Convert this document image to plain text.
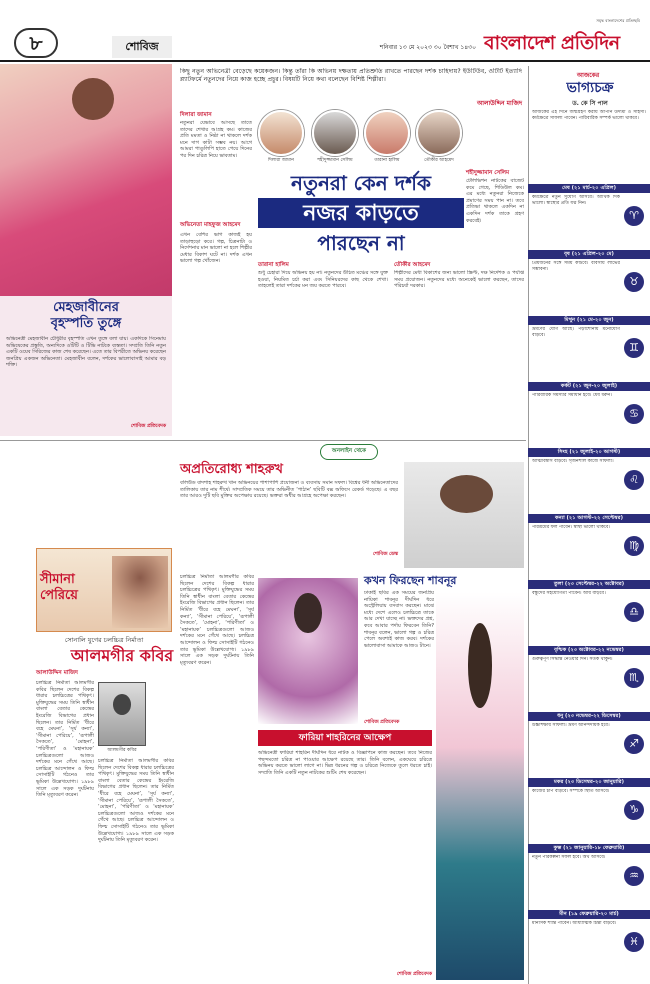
৮	শোবিজ	শনিবার ১৩ মে ২০২৩ ৩০ বৈশাখ ১৪৩০
সমৃদ্ধ বাংলাদেশের প্রতিচ্ছবি
বাংলাদেশ প্রতিদিন
কিছু নতুন অভিনেত্রী বেড়েছে কয়েকজন। কিন্তু তাঁরা কি অভিনয় দক্ষতায় প্রতিশ্রুতি রাখতে পারছেন দর্শক চাহিদায়? ইউটিউব, ওটিটি ইত্যাদি প্ল্যাটফর্মে নতুনদের নিয়ে কাজ হচ্ছে প্রচুর। বিষয়টি নিয়ে কথা বলেছেন বিশিষ্ট শিল্পীরা।
আলাউদ্দিন মাজিদ
দিলারা জামান	শহীদুজ্জামান সেলিম	তারানা হালিম	তৌকীর আহমেদ
দিলারা জামান
নতুনরা যেভাবে আসছে তাতে তাদের শেখার আগ্রহ কম। কাজের প্রতি মমতা ও নিষ্ঠা না থাকলে দর্শক মনে দাগ কাটা সম্ভব নয়। আগে আমরা পাণ্ডুলিপি হাতে পেয়ে দিনের পর দিন চরিত্র নিয়ে ভাবতাম।
অভিনেতা মাহফুজ আহমেদ
এখন বেশির ভাগ কাজই হয় তাড়াহুড়ো করে। গল্প, চিত্রনাট্য ও নির্দেশনার মান ভালো না হলে শিল্পীর মেধার বিকাশ ঘটে না। দর্শক এখন ভালো গল্প খোঁজেন।
নতুনরা কেন দর্শক
নজর কাড়তে
পারছেন না
শহীদুজ্জামান সেলিম
টেলিভিশন নাটকের বাজেট কমে গেছে, শিডিউল কম। এর মধ্যে নতুনরা নিজেকে প্রমাণের সময় পান না। তবে প্রতিভা থাকলে একদিন না একদিন দর্শক তাকে গ্রহণ করবেই।
তারানা হালিম
শুধু চেহারা দিয়ে অভিনয় হয় না। নতুনদের উচিত মঞ্চের সঙ্গে যুক্ত হওয়া, নিয়মিত চর্চা করা এবং সিনিয়রদের কাছ থেকে শেখা। তাহলেই তারা দর্শকের মন জয় করতে পারবে।
তৌকীর আহমেদ
শিল্পীদের মেধা বিকাশের জন্য ভালো স্ক্রিপ্ট, দক্ষ নির্দেশক ও পর্যাপ্ত সময় প্রয়োজন। নতুনদের মধ্যে অনেকেই ভালো করছেন, তাদের পরিচর্যা দরকার।
মেহজাবীনের
বৃহস্পতি তুঙ্গে
অভিনেত্রী মেহজাবীন চৌধুরীর বৃহস্পতি এখন তুঙ্গে বলা যায়। একদিকে সিনেমায় অভিষেকের প্রস্তুতি, অন্যদিকে ওটিটি ও টিভি নাটকে ব্যস্ততা। সম্প্রতি তিনি নতুন একটি ওয়েব সিরিজের কাজ শেষ করেছেন। এতে তার বিপরীতে অভিনয় করেছেন জনপ্রিয় একজন অভিনেতা। মেহজাবীন বলেন, দর্শকের ভালোবাসাই আমার বড় শক্তি।
শোবিজ প্রতিবেদক
অনলাইন থেকে
অপ্রতিরোধ্য শাহরুখ
বলিউড বাদশাহ শাহরুখ খান অভিনয়ের পাশাপাশি প্রযোজনা ও ব্যবসায় সমান সফল। বিশ্বের ধনী অভিনেতাদের তালিকায় তার নাম শীর্ষে। সাম্প্রতিক সময়ে তার অভিনীত ‘পাঠান’ ছবিটি বক্স অফিসে রেকর্ড গড়েছে। এ বছর তার আরও দুটি ছবি মুক্তির অপেক্ষায় রয়েছে। ভক্তরা অধীর আগ্রহে অপেক্ষা করছেন।
শোবিজ ডেস্ক
সীমানা পেরিয়ে
সোনালি যুগের চলচ্চিত্র নির্মাতা
আলমগীর কবির
আলাউদ্দিন মাজিদ
চলচ্চিত্র নির্মাতা আলমগীর কবির ছিলেন দেশের বিকল্প ধারার চলচ্চিত্রের পথিকৃৎ। মুক্তিযুদ্ধের সময় তিনি স্বাধীন বাংলা বেতার কেন্দ্রের ইংরেজি বিভাগের প্রধান ছিলেন। তার নির্মিত ‘ধীরে বহে মেঘনা’, ‘সূর্য কন্যা’, ‘সীমানা পেরিয়ে’, ‘রূপালী সৈকতে’, ‘মোহনা’, ‘পরিণীতা’ ও ‘মহানায়ক’ চলচ্চিত্রগুলো আজও দর্শকের মনে গেঁথে আছে। চলচ্চিত্র আন্দোলন ও ফিল্ম সোসাইটি গঠনেও তার ভূমিকা উল্লেখযোগ্য। ১৯৮৯ সালে এক সড়ক দুর্ঘটনায় তিনি মৃত্যুবরণ করেন।
আলমগীর কবির
চলচ্চিত্র নির্মাতা আলমগীর কবির ছিলেন দেশের বিকল্প ধারার চলচ্চিত্রের পথিকৃৎ। মুক্তিযুদ্ধের সময় তিনি স্বাধীন বাংলা বেতার কেন্দ্রের ইংরেজি বিভাগের প্রধান ছিলেন। তার নির্মিত ‘ধীরে বহে মেঘনা’, ‘সূর্য কন্যা’, ‘সীমানা পেরিয়ে’, ‘রূপালী সৈকতে’, ‘মোহনা’, ‘পরিণীতা’ ও ‘মহানায়ক’ চলচ্চিত্রগুলো আজও দর্শকের মনে গেঁথে আছে। চলচ্চিত্র আন্দোলন ও ফিল্ম সোসাইটি গঠনেও তার ভূমিকা উল্লেখযোগ্য। ১৯৮৯ সালে এক সড়ক দুর্ঘটনায় তিনি মৃত্যুবরণ করেন।
চলচ্চিত্র নির্মাতা আলমগীর কবির ছিলেন দেশের বিকল্প ধারার চলচ্চিত্রের পথিকৃৎ। মুক্তিযুদ্ধের সময় তিনি স্বাধীন বাংলা বেতার কেন্দ্রের ইংরেজি বিভাগের প্রধান ছিলেন। তার নির্মিত ‘ধীরে বহে মেঘনা’, ‘সূর্য কন্যা’, ‘সীমানা পেরিয়ে’, ‘রূপালী সৈকতে’, ‘মোহনা’, ‘পরিণীতা’ ও ‘মহানায়ক’ চলচ্চিত্রগুলো আজও দর্শকের মনে গেঁথে আছে। চলচ্চিত্র আন্দোলন ও ফিল্ম সোসাইটি গঠনেও তার ভূমিকা উল্লেখযোগ্য। ১৯৮৯ সালে এক সড়ক দুর্ঘটনায় তিনি মৃত্যুবরণ করেন।
কখন ফিরছেন শাবনূর
ঢাকাই ছবির এক সময়ের জনপ্রিয় নায়িকা শাবনূর দীর্ঘদিন ধরে অস্ট্রেলিয়ায় বসবাস করছেন। মাঝে মধ্যে দেশে এলেও চলচ্চিত্রে তাকে আর দেখা যাচ্ছে না। ভক্তদের প্রশ্ন, কবে আবার পর্দায় ফিরবেন তিনি? শাবনূর বলেন, ভালো গল্প ও চরিত্র পেলে অবশ্যই কাজ করব। দর্শকের ভালোবাসা আমাকে আজও টানে।
শোবিজ প্রতিবেদক
ফারিয়া শাহরিনের আক্ষেপ
অভিনেত্রী ফারিয়া শাহরিন দীর্ঘদিন ধরে নাটক ও বিজ্ঞাপনে কাজ করছেন। তবে নিজের পছন্দমতো চরিত্র না পাওয়ার আক্ষেপ রয়েছে তার। তিনি বলেন, একঘেয়ে চরিত্রে অভিনয় করতে ভালো লাগে না। ভিন্ন ধরনের গল্প ও চরিত্রে নিজেকে তুলে ধরতে চাই। সম্প্রতি তিনি একটি নতুন নাটকের শুটিং শেষ করেছেন।
শোবিজ প্রতিবেদক
আজকের
ভাগ্যচক্র
ড. কে সি পাল
আজকের এই দিনে জন্মগ্রহণ করায় আপনি উদ্যমী ও সাহসী। কর্মক্ষেত্রে সাফল্য পাবেন। পারিবারিক সম্পর্ক ভালো থাকবে।
মেষ (২১ মার্চ-২০ এপ্রিল)
কর্মক্ষেত্রে নতুন সুযোগ আসবে। আর্থিক দিক ভালো। স্বাস্থ্যের প্রতি যত্ন নিন।
♈
বৃষ (২১ এপ্রিল-২০ মে)
প্রিয়জনের সঙ্গে সময় কাটবে। ব্যবসায় লাভের সম্ভাবনা।
♉
মিথুন (২১ মে-২০ জুন)
ভ্রমণের যোগ আছে। পড়াশোনায় মনোযোগ বাড়বে।
♊
কর্কট (২১ জুন-২০ জুলাই)
পারিবারিক সমস্যার সমাধান হবে। ধৈর্য ধরুন।
♋
সিংহ (২১ জুলাই-২০ আগস্ট)
আত্মবিশ্বাস বাড়বে। সৃজনশীল কাজে সাফল্য।
♌
কন্যা (২১ আগস্ট-২২ সেপ্টেম্বর)
পরিশ্রমের ফল পাবেন। স্বাস্থ্য ভালো থাকবে।
♍
তুলা (২৩ সেপ্টেম্বর-২২ অক্টোবর)
বন্ধুদের সহযোগিতা পাবেন। আয় বাড়বে।
♎
বৃশ্চিক (২৩ অক্টোবর-২২ নভেম্বর)
গুরুত্বপূর্ণ সিদ্ধান্ত নেওয়ার দিন। সতর্ক থাকুন।
♏
ধনু (২৩ নভেম্বর-২২ ডিসেম্বর)
উচ্চশিক্ষায় সাফল্য। ভ্রমণ আনন্দদায়ক হবে।
♐
মকর (২৩ ডিসেম্বর-২০ জানুয়ারি)
কাজের চাপ বাড়বে। সম্পর্কে স্থিতি আসবে।
♑
কুম্ভ (২১ জানুয়ারি-১৮ ফেব্রুয়ারি)
নতুন পরিকল্পনা সফল হবে। অর্থ আসবে।
♒
মীন (১৯ ফেব্রুয়ারি-২০ মার্চ)
মানসিক শান্তি পাবেন। আধ্যাত্মিক চিন্তা বাড়বে।
♓
